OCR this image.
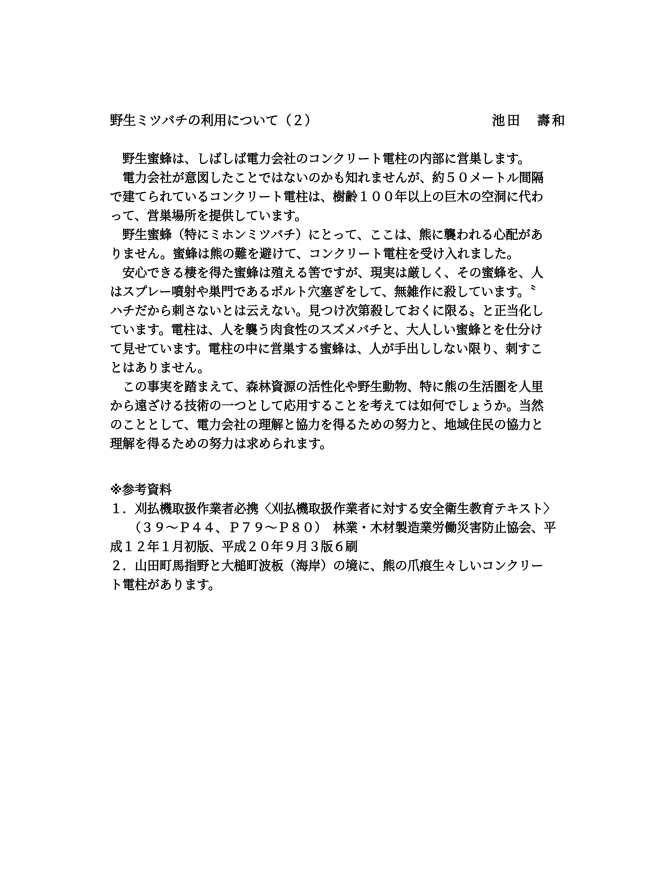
野生ミツバチの利用について（２）	池田　壽和
　野生蜜蜂は、しばしば電力会社のコンクリート電柱の内部に営巣します。
　電力会社が意図したことではないのかも知れませんが、約５０メートル間隔
で建てられているコンクリート電柱は、樹齢１００年以上の巨木の空洞に代わ
って、営巣場所を提供しています。
　野生蜜蜂（特にミホンミツバチ）にとって、ここは、熊に襲われる心配があ
りません。蜜蜂は熊の難を避けて、コンクリート電柱を受け入れました。
　安心できる棲を得た蜜蜂は殖える筈ですが、現実は厳しく、その蜜蜂を、人
はスプレー噴射や巣門であるボルト穴塞ぎをして、無雑作に殺しています。〝
ハチだから刺さないとは云えない。見つけ次第殺しておくに限る〟と正当化し
ています。電柱は、人を襲う肉食性のスズメバチと、大人しい蜜蜂とを仕分け
て見せています。電柱の中に営巣する蜜蜂は、人が手出ししない限り、刺すこ
とはありません。
　この事実を踏まえて、森林資源の活性化や野生動物、特に熊の生活圏を人里
から遠ざける技術の一つとして応用することを考えては如何でしょうか。当然
のこととして、電力会社の理解と協力を得るための努力と、地域住民の協力と
理解を得るための努力は求められます。
※参考資料
１．刈払機取扱作業者必携〈刈払機取扱作業者に対する安全衛生教育テキスト〉
　　（３９～Ｐ４４、Ｐ７９～Ｐ８０）　林業・木材製造業労働災害防止協会、平
成１２年１月初版、平成２０年９月３版６刷
２．山田町馬指野と大槌町波板（海岸）の境に、熊の爪痕生々しいコンクリー
ト電柱があります。
